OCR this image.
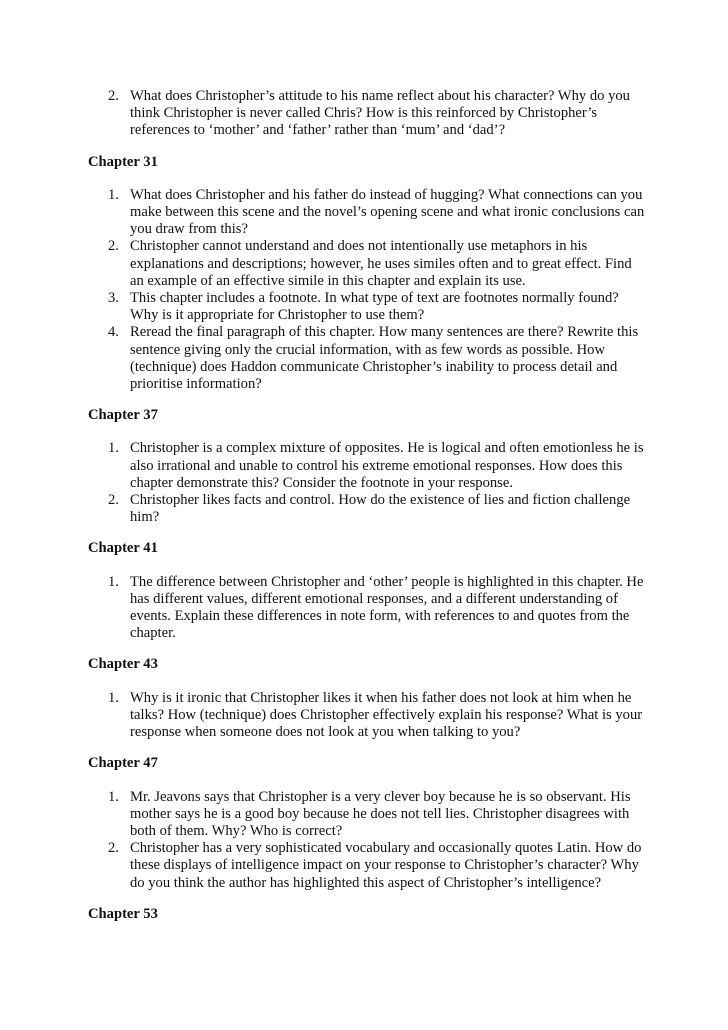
2. What does Christopher’s attitude to his name reflect about his character? Why do you think Christopher is never called Chris? How is this reinforced by Christopher’s references to ‘mother’ and ‘father’ rather than ‘mum’ and ‘dad’?
Chapter 31
1. What does Christopher and his father do instead of hugging? What connections can you make between this scene and the novel’s opening scene and what ironic conclusions can you draw from this?
2. Christopher cannot understand and does not intentionally use metaphors in his explanations and descriptions; however, he uses similes often and to great effect. Find an example of an effective simile in this chapter and explain its use.
3. This chapter includes a footnote. In what type of text are footnotes normally found? Why is it appropriate for Christopher to use them?
4. Reread the final paragraph of this chapter. How many sentences are there? Rewrite this sentence giving only the crucial information, with as few words as possible. How (technique) does Haddon communicate Christopher’s inability to process detail and prioritise information?
Chapter 37
1. Christopher is a complex mixture of opposites. He is logical and often emotionless he is also irrational and unable to control his extreme emotional responses. How does this chapter demonstrate this? Consider the footnote in your response.
2. Christopher likes facts and control. How do the existence of lies and fiction challenge him?
Chapter 41
1. The difference between Christopher and ‘other’ people is highlighted in this chapter. He has different values, different emotional responses, and a different understanding of events. Explain these differences in note form, with references to and quotes from the chapter.
Chapter 43
1. Why is it ironic that Christopher likes it when his father does not look at him when he talks? How (technique) does Christopher effectively explain his response? What is your response when someone does not look at you when talking to you?
Chapter 47
1. Mr. Jeavons says that Christopher is a very clever boy because he is so observant. His mother says he is a good boy because he does not tell lies. Christopher disagrees with both of them. Why? Who is correct?
2. Christopher has a very sophisticated vocabulary and occasionally quotes Latin. How do these displays of intelligence impact on your response to Christopher’s character? Why do you think the author has highlighted this aspect of Christopher’s intelligence?
Chapter 53
